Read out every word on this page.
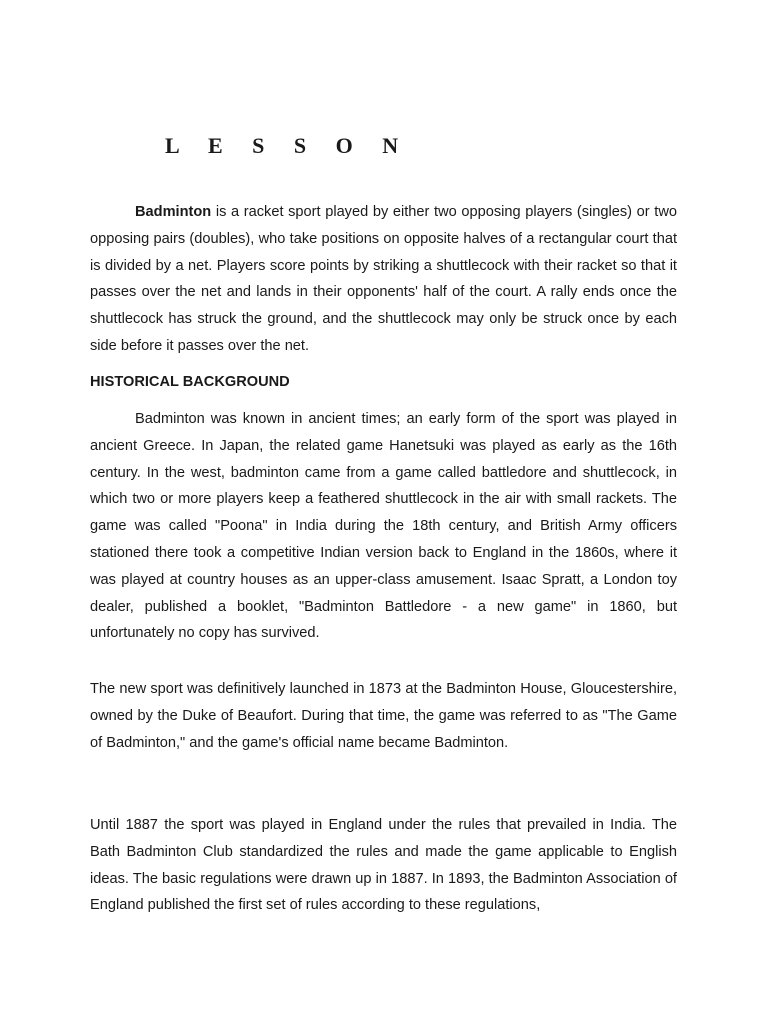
L E S S O N

Badminton is a racket sport played by either two opposing players (singles) or two opposing pairs (doubles), who take positions on opposite halves of a rectangular court that is divided by a net. Players score points by striking a shuttlecock with their racket so that it passes over the net and lands in their opponents' half of the court. A rally ends once the shuttlecock has struck the ground, and the shuttlecock may only be struck once by each side before it passes over the net.

HISTORICAL BACKGROUND

Badminton was known in ancient times; an early form of the sport was played in ancient Greece. In Japan, the related game Hanetsuki was played as early as the 16th century. In the west, badminton came from a game called battledore and shuttlecock, in which two or more players keep a feathered shuttlecock in the air with small rackets. The game was called "Poona" in India during the 18th century, and British Army officers stationed there took a competitive Indian version back to England in the 1860s, where it was played at country houses as an upper-class amusement. Isaac Spratt, a London toy dealer, published a booklet, "Badminton Battledore - a new game" in 1860, but unfortunately no copy has survived.

The new sport was definitively launched in 1873 at the Badminton House, Gloucestershire, owned by the Duke of Beaufort. During that time, the game was referred to as "The Game of Badminton," and the game's official name became Badminton.

Until 1887 the sport was played in England under the rules that prevailed in India. The Bath Badminton Club standardized the rules and made the game applicable to English ideas. The basic regulations were drawn up in 1887. In 1893, the Badminton Association of England published the first set of rules according to these regulations,
